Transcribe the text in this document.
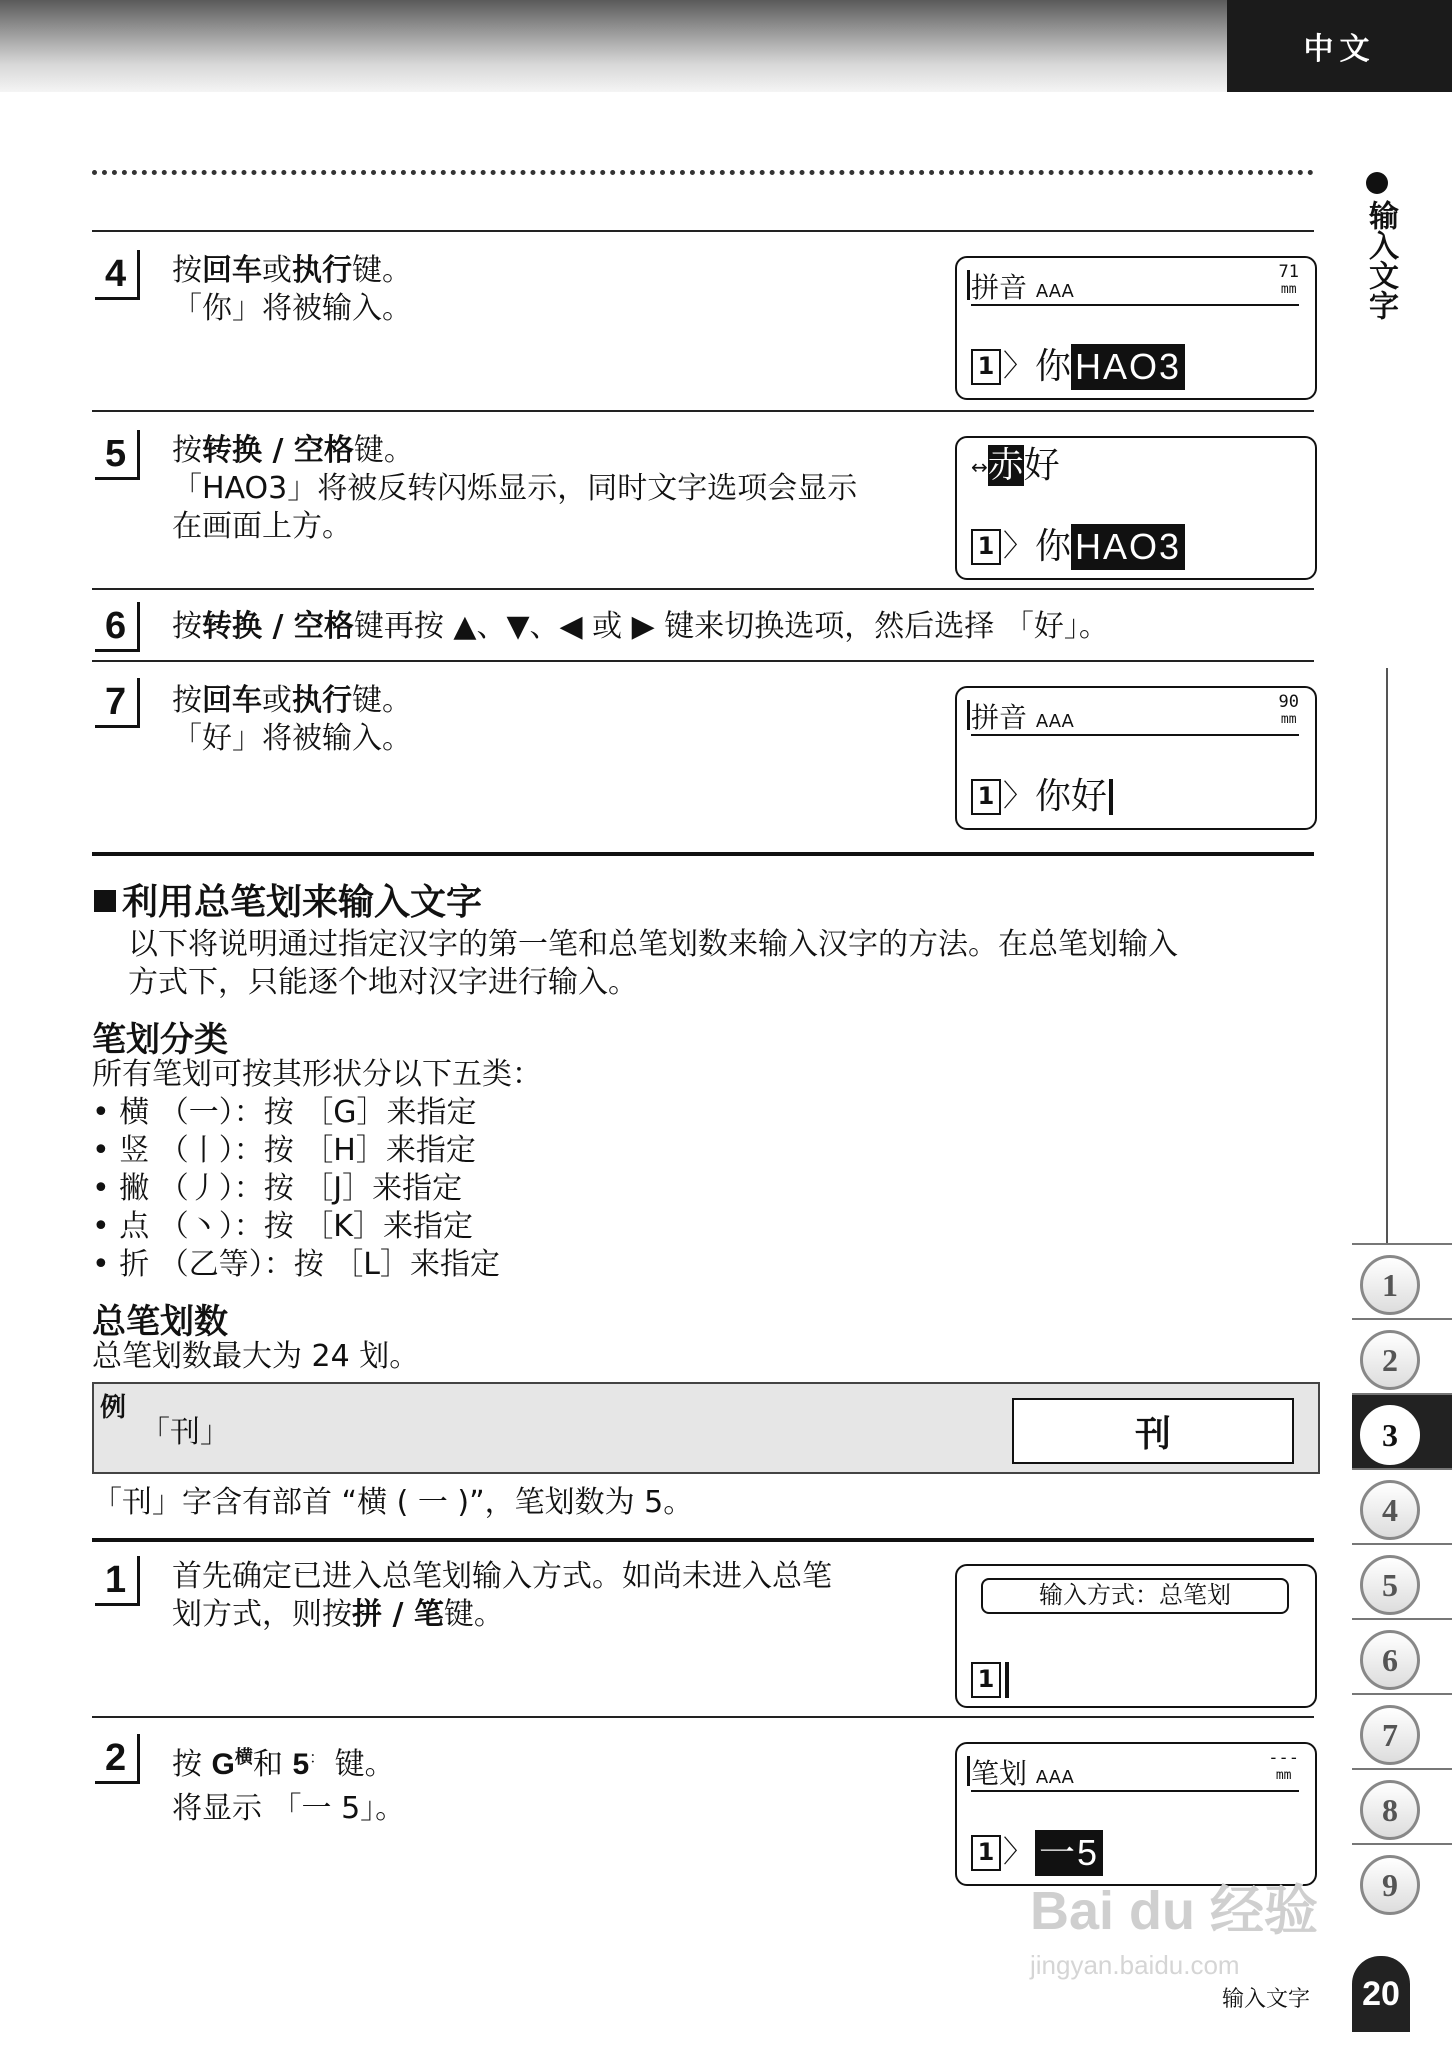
中文
输入文字
1
2
3
4
5
6
7
8
9
4	按回车或执行键。
「你」将被输入。
拼音 AAA
71
mm
1 〉 你 HAO3
5	按转换 / 空格键。
「HAO3」将被反转闪烁显示，同时文字选项会显示
在画面上方。
↔赤好
1 〉 你 HAO3
6	按转换 / 空格键再按 ▲、▼、◀ 或 ▶ 键来切换选项，然后选择 「好」。
7	按回车或执行键。
「好」将被输入。
拼音 AAA
90
mm
1 〉 你好
利用总笔划来输入文字
以下将说明通过指定汉字的第一笔和总笔划数来输入汉字的方法。在总笔划输入
方式下，只能逐个地对汉字进行输入。
笔划分类
所有笔划可按其形状分以下五类：
• 横 （一）：按 ［G］来指定
• 竖 （丨）：按 ［H］来指定
• 撇 （丿）：按 ［J］来指定
• 点 （丶）：按 ［K］来指定
• 折 （乙等）：按 ［L］来指定
总笔划数
总笔划数最大为 24 划。
例
「刊」	刊
「刊」字含有部首 “横 ( 一 )”，笔划数为 5。
1	首先确定已进入总笔划输入方式。如尚未进入总笔
划方式，则按拼 / 笔键。
输入方式：总笔划
1
2	按 $G^横$和 5： 键。
将显示 「一 5」。
笔划 AAA
---
mm
1 〉 一5
Bai du 经验
jingyan.baidu.com
输入文字 20
